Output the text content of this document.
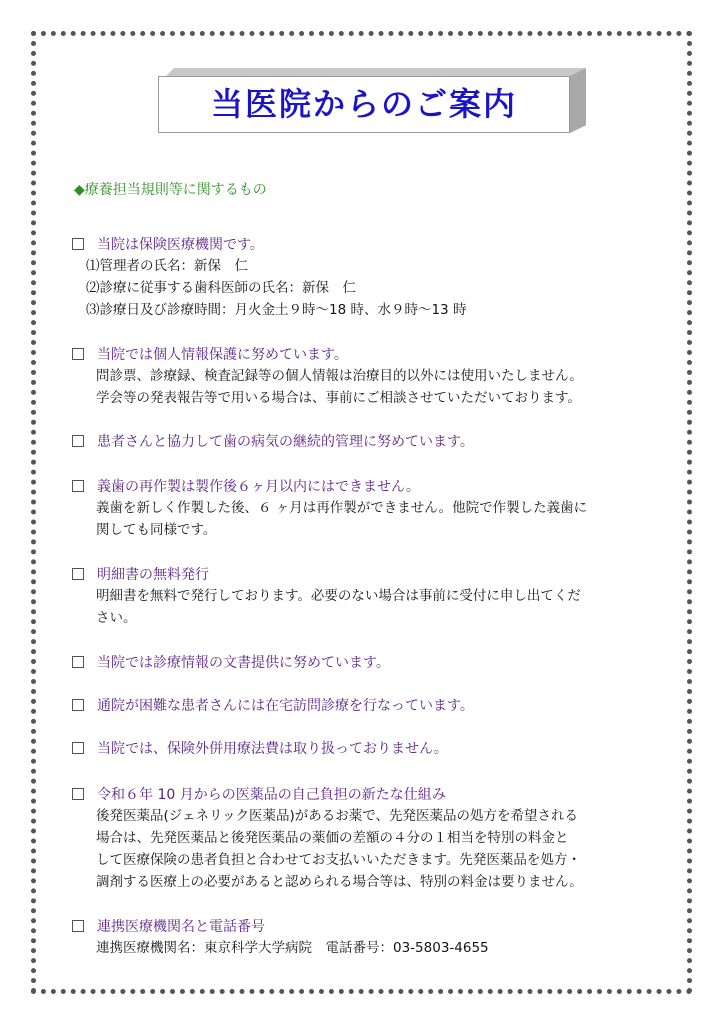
当医院からのご案内
◆療養担当規則等に関するもの
当院は保険医療機関です。
⑴管理者の氏名：新保　仁
⑵診療に従事する歯科医師の氏名：新保　仁
⑶診療日及び診療時間：月火金土９時〜18 時、水９時〜13 時
当院では個人情報保護に努めています。
問診票、診療録、検査記録等の個人情報は治療目的以外には使用いたしません。
学会等の発表報告等で用いる場合は、事前にご相談させていただいております。
患者さんと協力して歯の病気の継続的管理に努めています。
義歯の再作製は製作後６ヶ月以内にはできません。
義歯を新しく作製した後、６ ヶ月は再作製ができません。他院で作製した義歯に
関しても同様です。
明細書の無料発行
明細書を無料で発行しております。必要のない場合は事前に受付に申し出てくだ
さい。
当院では診療情報の文書提供に努めています。
通院が困難な患者さんには在宅訪問診療を行なっています。
当院では、保険外併用療法費は取り扱っておりません。
令和６年 10 月からの医薬品の自己負担の新たな仕組み
後発医薬品(ジェネリック医薬品)があるお薬で、先発医薬品の処方を希望される
場合は、先発医薬品と後発医薬品の薬価の差額の４分の１相当を特別の料金と
して医療保険の患者負担と合わせてお支払いいただきます。先発医薬品を処方・
調剤する医療上の必要があると認められる場合等は、特別の料金は要りません。
連携医療機関名と電話番号
連携医療機関名：東京科学大学病院　電話番号：03-5803-4655
